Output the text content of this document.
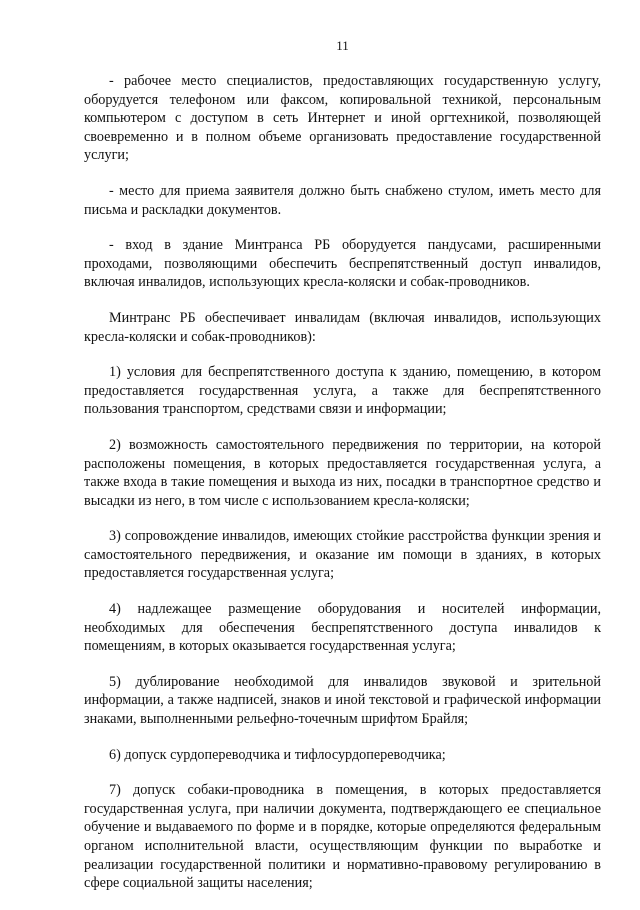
11

- рабочее место специалистов, предоставляющих государственную услугу, оборудуется телефоном или факсом, копировальной техникой, персональным компьютером с доступом в сеть Интернет и иной оргтехникой, позволяющей своевременно и в полном объеме организовать предоставление государственной услуги;

- место для приема заявителя должно быть снабжено стулом, иметь место для письма и раскладки документов.

- вход в здание Минтранса РБ оборудуется пандусами, расширенными проходами, позволяющими обеспечить беспрепятственный доступ инвалидов, включая инвалидов, использующих кресла-коляски и собак-проводников.

Минтранс РБ обеспечивает инвалидам (включая инвалидов, использующих кресла-коляски и собак-проводников):

1) условия для беспрепятственного доступа к зданию, помещению, в котором предоставляется государственная услуга, а также для беспрепятственного пользования транспортом, средствами связи и информации;

2) возможность самостоятельного передвижения по территории, на которой расположены помещения, в которых предоставляется государственная услуга, а также входа в такие помещения и выхода из них, посадки в транспортное средство и высадки из него, в том числе с использованием кресла-коляски;

3) сопровождение инвалидов, имеющих стойкие расстройства функции зрения и самостоятельного передвижения, и оказание им помощи в зданиях, в которых предоставляется государственная услуга;

4) надлежащее размещение оборудования и носителей информации, необходимых для обеспечения беспрепятственного доступа инвалидов к помещениям, в которых оказывается государственная услуга;

5) дублирование необходимой для инвалидов звуковой и зрительной информации, а также надписей, знаков и иной текстовой и графической информации знаками, выполненными рельефно-точечным шрифтом Брайля;

6) допуск сурдопереводчика и тифлосурдопереводчика;

7) допуск собаки-проводника в помещения, в которых предоставляется государственная услуга, при наличии документа, подтверждающего ее специальное обучение и выдаваемого по форме и в порядке, которые определяются федеральным органом исполнительной власти, осуществляющим функции по выработке и реализации государственной политики и нормативно-правовому регулированию в сфере социальной защиты населения;
